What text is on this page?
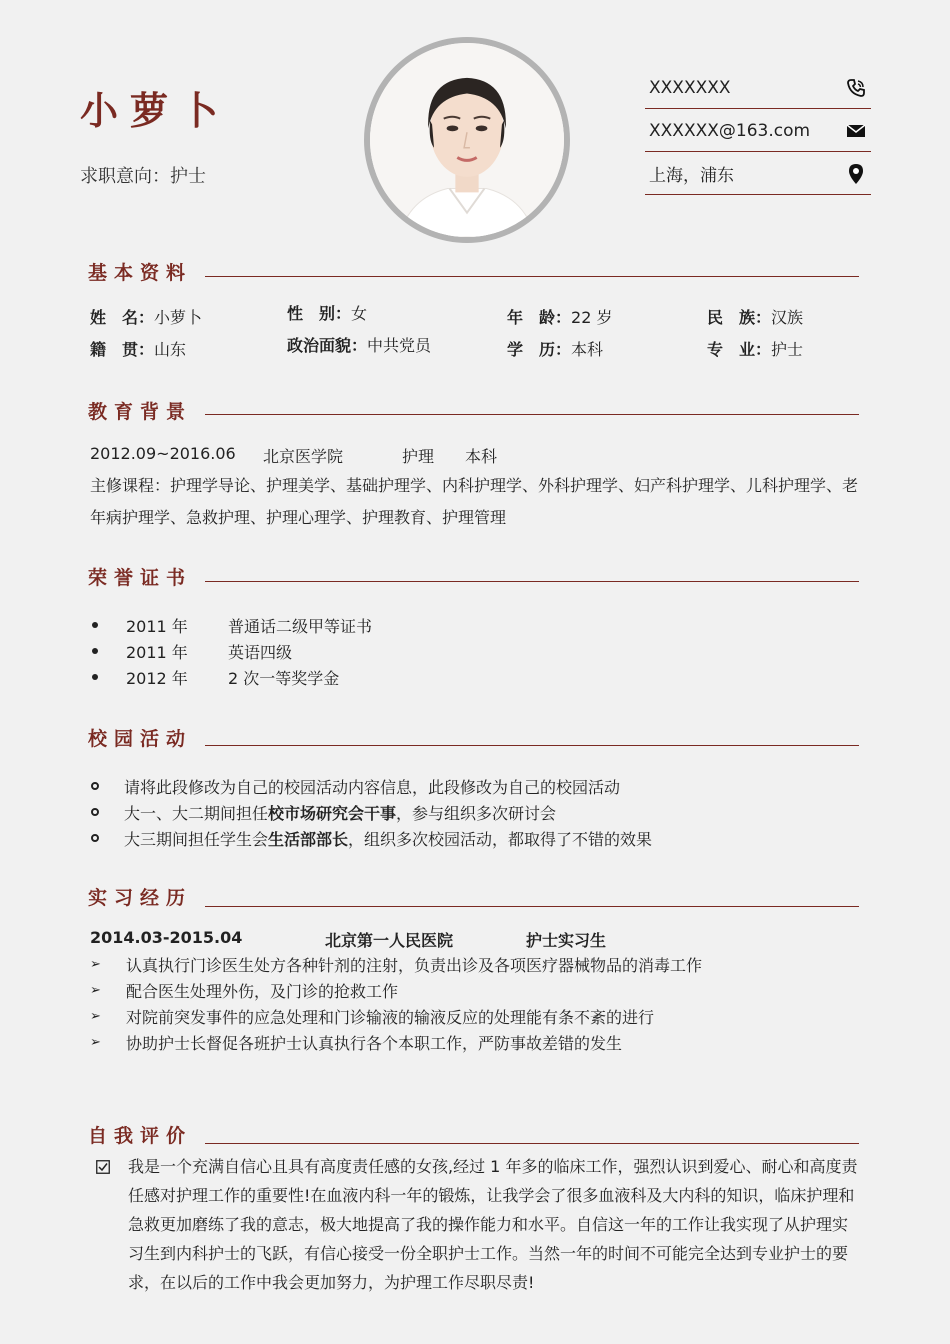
小萝卜
求职意向：护士
XXXXXXX
XXXXXX@163.com
上海，浦东
基本资料
姓　名：小萝卜	性　别：女	年　龄：22 岁	民　族：汉族
籍　贯：山东	政治面貌：中共党员	学　历：本科	专　业：护士
教育背景
2012.09~2016.06 北京医学院	护理 本科
主修课程：护理学导论、护理美学、基础护理学、内科护理学、外科护理学、妇产科护理学、儿科护理学、老
年病护理学、急救护理、护理心理学、护理教育、护理管理
荣誉证书
2011 年	普通话二级甲等证书
2011 年	英语四级
2012 年	2 次一等奖学金
校园活动
请将此段修改为自己的校园活动内容信息，此段修改为自己的校园活动
大一、大二期间担任 校市场研究会干事 ，参与组织多次研讨会
大三期间担任学生会 生活部部长 ，组织多次校园活动，都取得了不错的效果
实习经历
2014.03-2015.04	北京第一人民医院	护士实习生
➢ 认真执行门诊医生处方各种针剂的注射，负责出诊及各项医疗器械物品的消毒工作
➢ 配合医生处理外伤，及门诊的抢救工作
➢ 对院前突发事件的应急处理和门诊输液的输液反应的处理能有条不紊的进行
➢ 协助护士长督促各班护士认真执行各个本职工作，严防事故差错的发生
自我评价
我是一个充满自信心且具有高度责任感的女孩,经过 1 年多的临床工作，强烈认识到爱心、耐心和高度责任感对护理工作的重要性!在血液内科一年的锻炼，让我学会了很多血液科及大内科的知识，临床护理和急救更加磨练了我的意志，极大地提高了我的操作能力和水平。自信这一年的工作让我实现了从护理实习生到内科护士的飞跃，有信心接受一份全职护士工作。当然一年的时间不可能完全达到专业护士的要求，在以后的工作中我会更加努力，为护理工作尽职尽责!
